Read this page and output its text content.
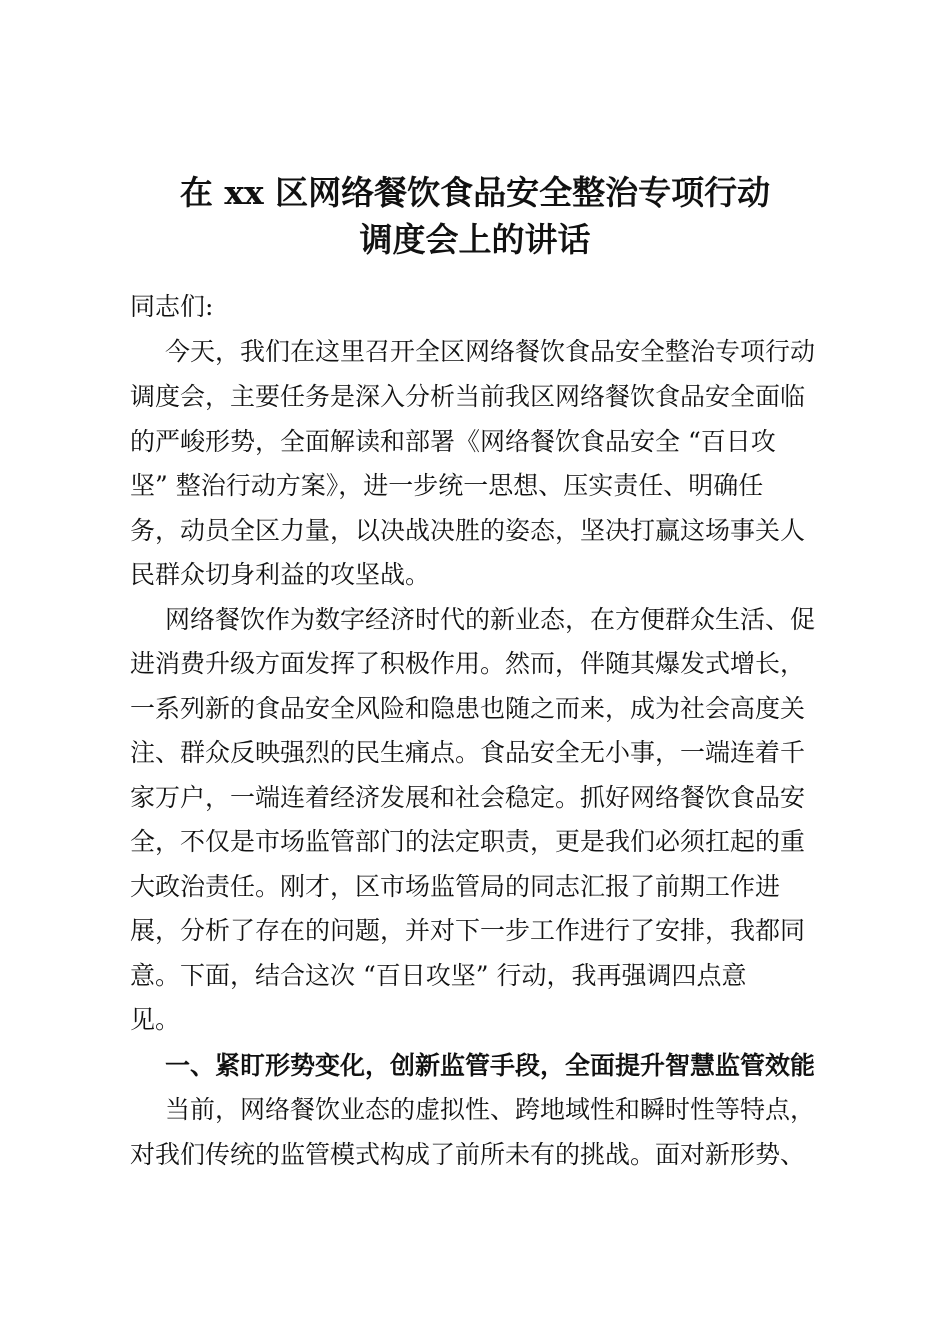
在 xx 区网络餐饮食品安全整治专项行动
调度会上的讲话

同志们:

今天，我们在这里召开全区网络餐饮食品安全整治专项行动

调度会，主要任务是深入分析当前我区网络餐饮食品安全面临

的严峻形势，全面解读和部署《网络餐饮食品安全 “百日攻

坚” 整治行动方案》，进一步统一思想、压实责任、明确任

务，动员全区力量，以决战决胜的姿态，坚决打赢这场事关人

民群众切身利益的攻坚战。

网络餐饮作为数字经济时代的新业态，在方便群众生活、促

进消费升级方面发挥了积极作用。然而，伴随其爆发式增长，

一系列新的食品安全风险和隐患也随之而来，成为社会高度关

注、群众反映强烈的民生痛点。食品安全无小事，一端连着千

家万户，一端连着经济发展和社会稳定。抓好网络餐饮食品安

全，不仅是市场监管部门的法定职责，更是我们必须扛起的重

大政治责任。刚才，区市场监管局的同志汇报了前期工作进

展，分析了存在的问题，并对下一步工作进行了安排，我都同

意。下面，结合这次 “百日攻坚” 行动，我再强调四点意

见。

一、紧盯形势变化，创新监管手段，全面提升智慧监管效能

当前，网络餐饮业态的虚拟性、跨地域性和瞬时性等特点，

对我们传统的监管模式构成了前所未有的挑战。面对新形势、
